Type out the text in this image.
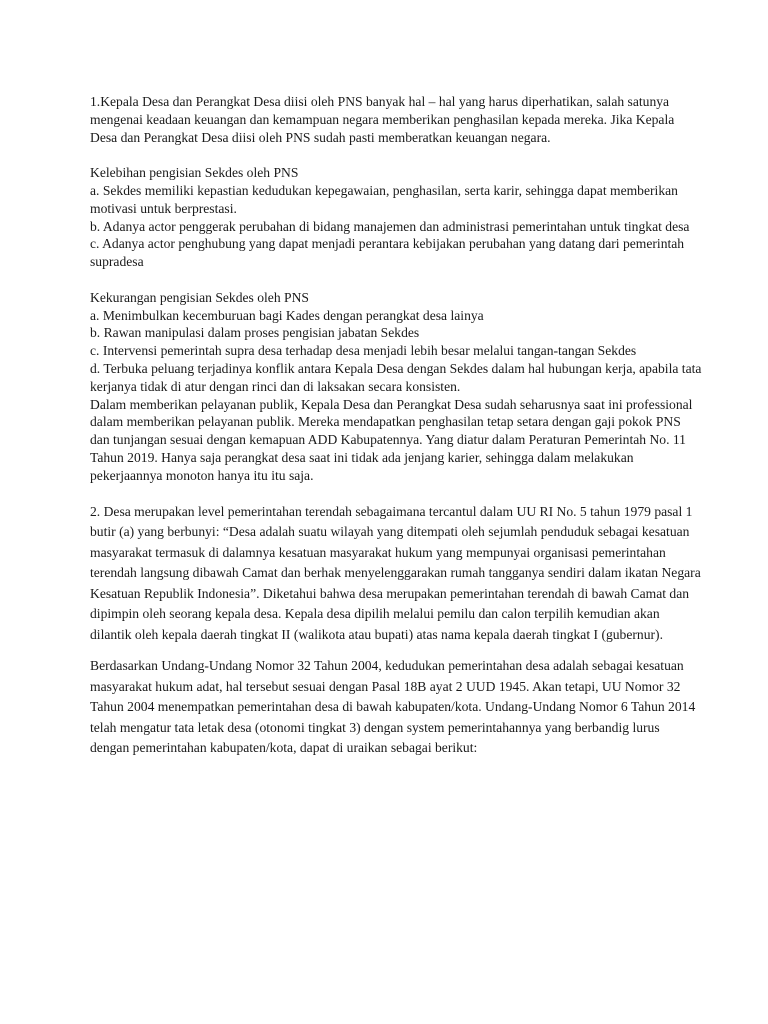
1.Kepala Desa dan Perangkat Desa diisi oleh PNS banyak hal – hal yang harus diperhatikan, salah satunya mengenai keadaan keuangan dan kemampuan negara memberikan penghasilan kepada mereka. Jika Kepala Desa dan Perangkat Desa diisi oleh PNS sudah pasti memberatkan keuangan negara.

Kelebihan pengisian Sekdes oleh PNS

a. Sekdes memiliki kepastian kedudukan kepegawaian, penghasilan, serta karir, sehingga dapat memberikan motivasi untuk berprestasi.

b. Adanya actor penggerak perubahan di bidang manajemen dan administrasi pemerintahan untuk tingkat desa

c. Adanya actor penghubung yang dapat menjadi perantara kebijakan perubahan yang datang dari pemerintah supradesa

Kekurangan pengisian Sekdes oleh PNS

a. Menimbulkan kecemburuan bagi Kades dengan perangkat desa lainya

b. Rawan manipulasi dalam proses pengisian jabatan Sekdes

c. Intervensi pemerintah supra desa terhadap desa menjadi lebih besar melalui tangan-tangan Sekdes

d. Terbuka peluang terjadinya konflik antara Kepala Desa dengan Sekdes dalam hal hubungan kerja, apabila tata kerjanya tidak di atur dengan rinci dan di laksakan secara konsisten.

Dalam memberikan pelayanan publik, Kepala Desa dan Perangkat Desa sudah seharusnya saat ini professional dalam memberikan pelayanan publik. Mereka mendapatkan penghasilan tetap setara dengan gaji pokok PNS dan tunjangan sesuai dengan kemapuan ADD Kabupatennya. Yang diatur dalam Peraturan Pemerintah No. 11 Tahun 2019. Hanya saja perangkat desa saat ini tidak ada jenjang karier, sehingga dalam melakukan pekerjaannya monoton hanya itu itu saja.

2. Desa merupakan level pemerintahan terendah sebagaimana tercantul dalam UU RI No. 5 tahun 1979 pasal 1 butir (a) yang berbunyi: “Desa adalah suatu wilayah yang ditempati oleh sejumlah penduduk sebagai kesatuan masyarakat termasuk di dalamnya kesatuan masyarakat hukum yang mempunyai organisasi pemerintahan terendah langsung dibawah Camat dan berhak menyelenggarakan rumah tangganya sendiri dalam ikatan Negara Kesatuan Republik Indonesia”. Diketahui bahwa desa merupakan pemerintahan terendah di bawah Camat dan dipimpin oleh seorang kepala desa. Kepala desa dipilih melalui pemilu dan calon terpilih kemudian akan dilantik oleh kepala daerah tingkat II (walikota atau bupati) atas nama kepala daerah tingkat I (gubernur).

Berdasarkan Undang-Undang Nomor 32 Tahun 2004, kedudukan pemerintahan desa adalah sebagai kesatuan masyarakat hukum adat, hal tersebut sesuai dengan Pasal 18B ayat 2 UUD 1945. Akan tetapi, UU Nomor 32 Tahun 2004 menempatkan pemerintahan desa di bawah kabupaten/kota. Undang-Undang Nomor 6 Tahun 2014 telah mengatur tata letak desa (otonomi tingkat 3) dengan system pemerintahannya yang berbandig lurus dengan pemerintahan kabupaten/kota, dapat di uraikan sebagai berikut:
